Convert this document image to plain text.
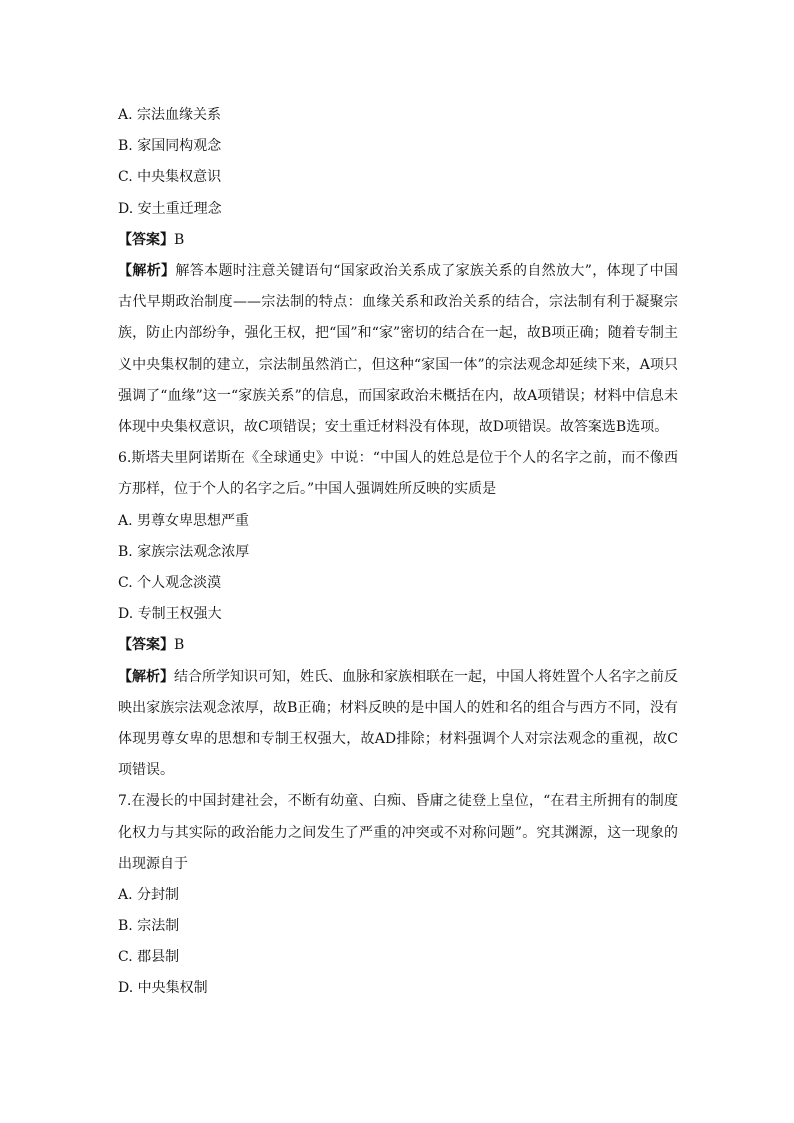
A. 宗法血缘关系
B. 家国同构观念
C. 中央集权意识
D. 安土重迁理念
【答案】B
【解析】解答本题时注意关键语句“国家政治关系成了家族关系的自然放大”，体现了中国古代早期政治制度——宗法制的特点：血缘关系和政治关系的结合，宗法制有利于凝聚宗族，防止内部纷争，强化王权，把“国”和“家”密切的结合在一起，故B项正确；随着专制主义中央集权制的建立，宗法制虽然消亡，但这种“家国一体”的宗法观念却延续下来，A项只强调了“血缘”这一“家族关系”的信息，而国家政治未概括在内，故A项错误；材料中信息未体现中央集权意识，故C项错误；安土重迁材料没有体现，故D项错误。故答案选B选项。
6.斯塔夫里阿诺斯在《全球通史》中说：“中国人的姓总是位于个人的名字之前，而不像西方那样，位于个人的名字之后。”中国人强调姓所反映的实质是
A. 男尊女卑思想严重
B. 家族宗法观念浓厚
C. 个人观念淡漠
D. 专制王权强大
【答案】B
【解析】结合所学知识可知，姓氏、血脉和家族相联在一起，中国人将姓置个人名字之前反映出家族宗法观念浓厚，故B正确；材料反映的是中国人的姓和名的组合与西方不同，没有体现男尊女卑的思想和专制王权强大，故AD排除；材料强调个人对宗法观念的重视，故C项错误。
7.在漫长的中国封建社会，不断有幼童、白痴、昏庸之徒登上皇位，“在君主所拥有的制度化权力与其实际的政治能力之间发生了严重的冲突或不对称问题”。究其渊源，这一现象的出现源自于
A. 分封制
B. 宗法制
C. 郡县制
D. 中央集权制
